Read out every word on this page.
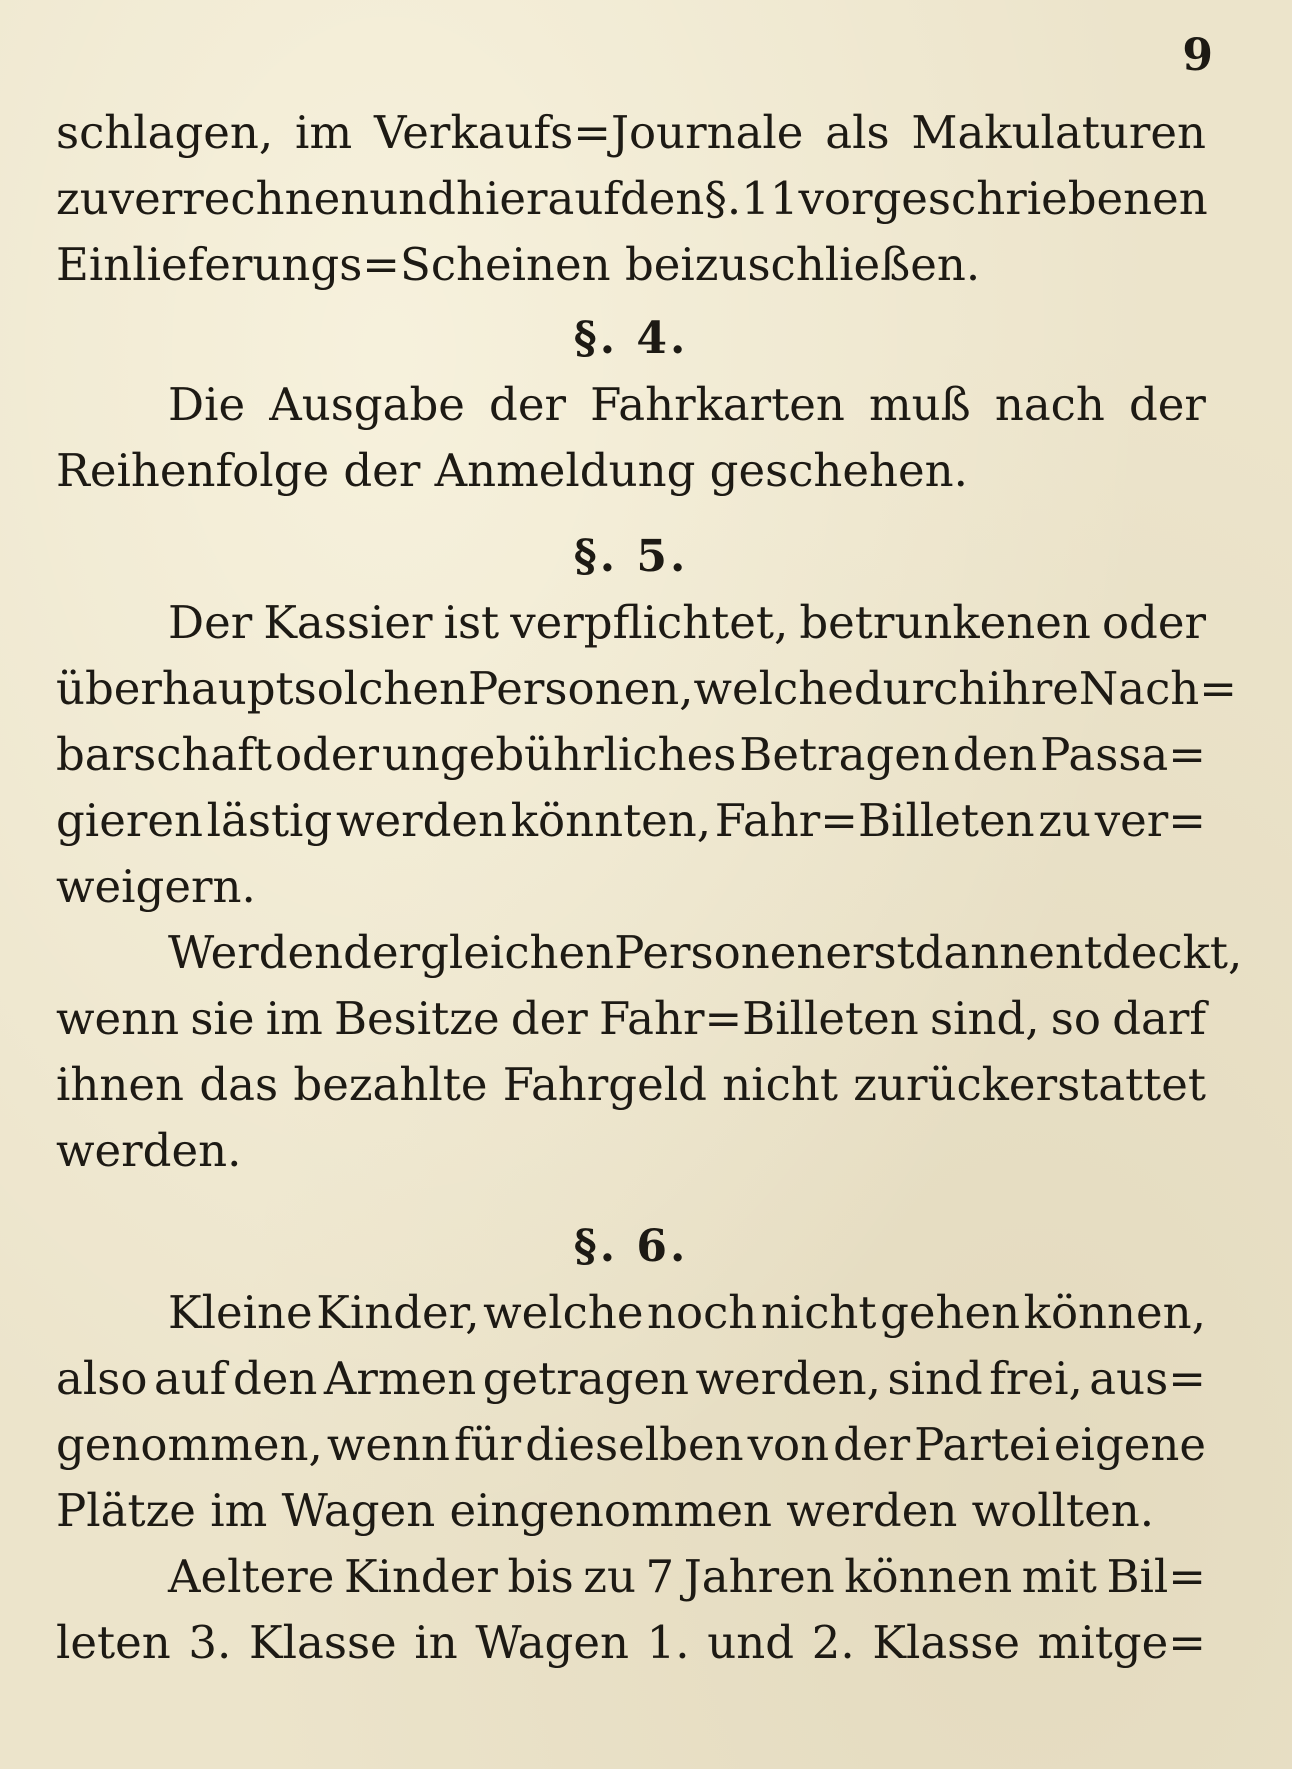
9
schlagen, im Verkaufs=Journale als Makulaturen
zu verrechnen und hierauf den §. 11 vorgeschriebenen
Einlieferungs=Scheinen beizuschließen.
§. 4.
Die Ausgabe der Fahrkarten muß nach der
Reihenfolge der Anmeldung geschehen.
§. 5.
Der Kassier ist verpflichtet, betrunkenen oder
überhaupt solchen Personen, welche durch ihre Nach=
barschaft oder ungebührliches Betragen den Passa=
gieren lästig werden könnten, Fahr=Billeten zu ver=
weigern.
Werden dergleichen Personen erst dann entdeckt,
wenn sie im Besitze der Fahr=Billeten sind, so darf
ihnen das bezahlte Fahrgeld nicht zurückerstattet
werden.
§. 6.
Kleine Kinder, welche noch nicht gehen können,
also auf den Armen getragen werden, sind frei, aus=
genommen, wenn für dieselben von der Partei eigene
Plätze im Wagen eingenommen werden wollten.
Aeltere Kinder bis zu 7 Jahren können mit Bil=
leten 3. Klasse in Wagen 1. und 2. Klasse mitge=
